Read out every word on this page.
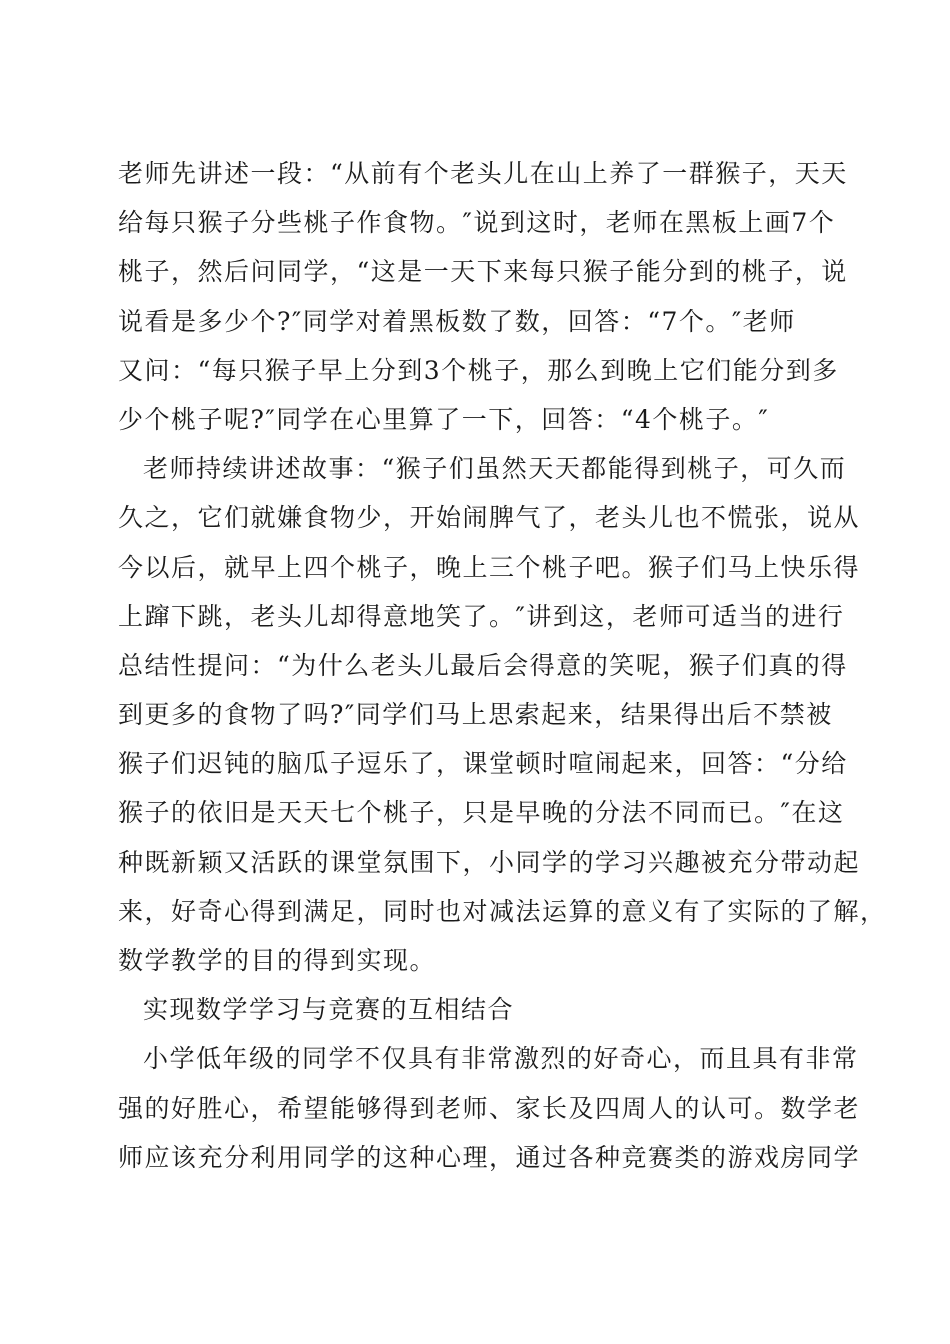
老师先讲述一段：“从前有个老头儿在山上养了一群猴子，天天
给每只猴子分些桃子作食物。″说到这时，老师在黑板上画7个
桃子，然后问同学，“这是一天下来每只猴子能分到的桃子，说
说看是多少个?″同学对着黑板数了数，回答：“7个。″老师
又问：“每只猴子早上分到3个桃子，那么到晚上它们能分到多
少个桃子呢?″同学在心里算了一下，回答：“4个桃子。″
老师持续讲述故事：“猴子们虽然天天都能得到桃子，可久而
久之，它们就嫌食物少，开始闹脾气了，老头儿也不慌张，说从
今以后，就早上四个桃子，晚上三个桃子吧。猴子们马上快乐得
上蹿下跳，老头儿却得意地笑了。″讲到这，老师可适当的进行
总结性提问：“为什么老头儿最后会得意的笑呢，猴子们真的得
到更多的食物了吗?″同学们马上思索起来，结果得出后不禁被
猴子们迟钝的脑瓜子逗乐了，课堂顿时喧闹起来，回答：“分给
猴子的依旧是天天七个桃子，只是早晚的分法不同而已。″在这
种既新颖又活跃的课堂氛围下，小同学的学习兴趣被充分带动起
来，好奇心得到满足，同时也对减法运算的意义有了实际的了解，
数学教学的目的得到实现。
实现数学学习与竞赛的互相结合
小学低年级的同学不仅具有非常激烈的好奇心，而且具有非常
强的好胜心，希望能够得到老师、家长及四周人的认可。数学老
师应该充分利用同学的这种心理，通过各种竞赛类的游戏房同学
